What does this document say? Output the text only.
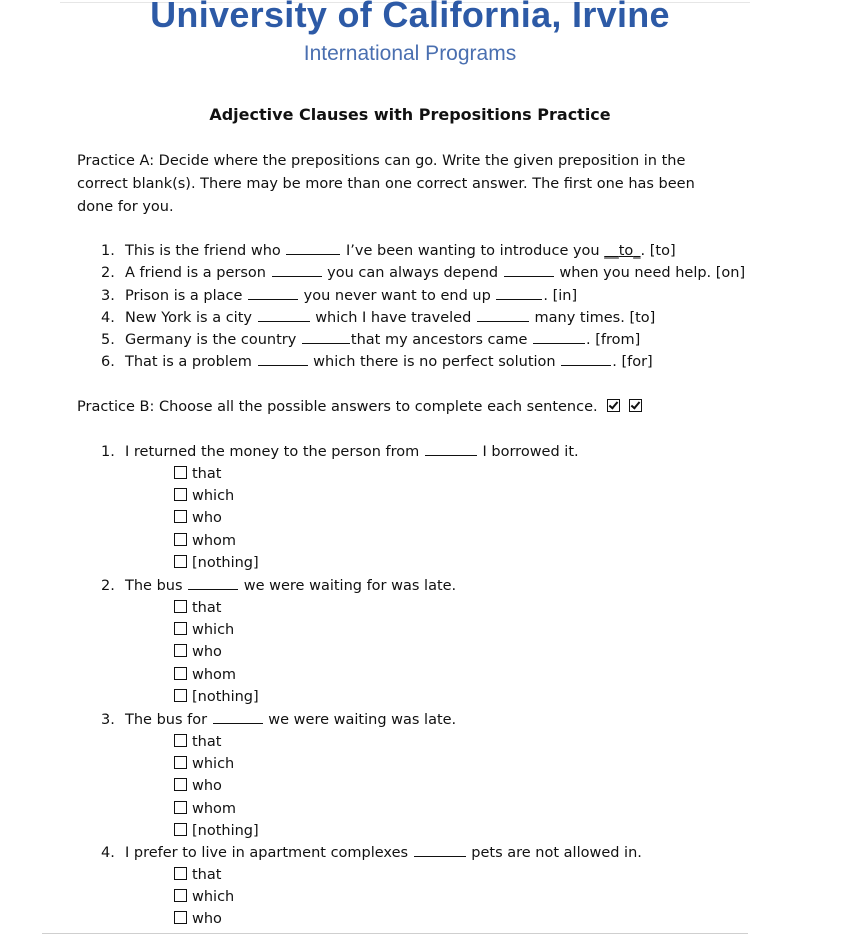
University of California, Irvine
International Programs
Adjective Clauses with Prepositions Practice
Practice A: Decide where the prepositions can go. Write the given preposition in the
correct blank(s). There may be more than one correct answer. The first one has been
done for you.
1. This is the friend who	I’ve been wanting to introduce you __to_. [to]
2. A friend is a person	you can always depend	when you need help. [on]
3. Prison is a place	you never want to end up	. [in]
4. New York is a city	which I have traveled	many times. [to]
5. Germany is the country	that my ancestors came	. [from]
6. That is a problem	which there is no perfect solution	. [for]
Practice B: Choose all the possible answers to complete each sentence.
1. I returned the money to the person from	I borrowed it.
that
which
who
whom
[nothing]
2. The bus	we were waiting for was late.
that
which
who
whom
[nothing]
3. The bus for	we were waiting was late.
that
which
who
whom
[nothing]
4. I prefer to live in apartment complexes	pets are not allowed in.
that
which
who
